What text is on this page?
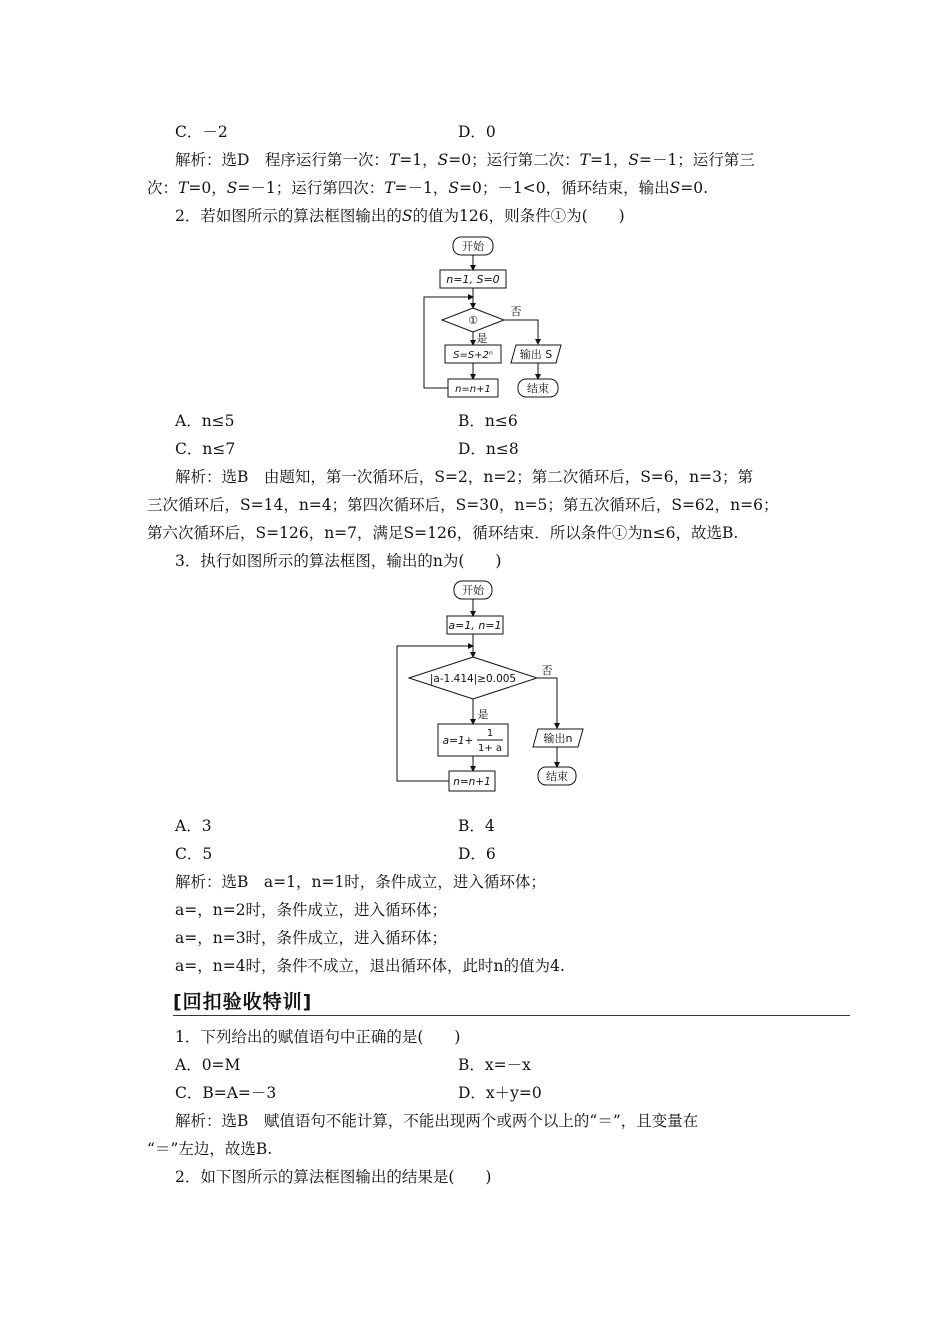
C．－2	D．0
解析：选D　程序运行第一次：T=1，S=0；运行第二次：T=1，S=－1；运行第三
次：T=0，S=－1；运行第四次：T=－1，S=0；－1<0，循环结束，输出S=0.
2．若如图所示的算法框图输出的S的值为126，则条件①为(　　)
开始
n=1, S=0
①
否
是
S=S+2ⁿ 输出 S
n=n+1	结束
A．n≤5	B．n≤6
C．n≤7	D．n≤8
解析：选B　由题知，第一次循环后，S=2，n=2；第二次循环后，S=6，n=3；第
三次循环后，S=14，n=4；第四次循环后，S=30，n=5；第五次循环后，S=62，n=6；
第六次循环后，S=126，n=7，满足S=126，循环结束．所以条件①为n≤6，故选B.
3．执行如图所示的算法框图，输出的n为(　　)
开始
a=1, n=1
|a-1.414|≥0.005
否
是
a=1+
1
1+ a
输出n
n=n+1	结束
A．3	B．4
C．5	D．6
解析：选B　a=1，n=1时，条件成立，进入循环体；
a=，n=2时，条件成立，进入循环体；
a=，n=3时，条件成立，进入循环体；
a=，n=4时，条件不成立，退出循环体，此时n的值为4.
[回扣验收特训]
1．下列给出的赋值语句中正确的是(　　)
A．0=M	B．x=－x
C．B=A=－3	D．x＋y=0
解析：选B　赋值语句不能计算，不能出现两个或两个以上的“＝”，且变量在
“＝”左边，故选B.
2．如下图所示的算法框图输出的结果是(　　)
